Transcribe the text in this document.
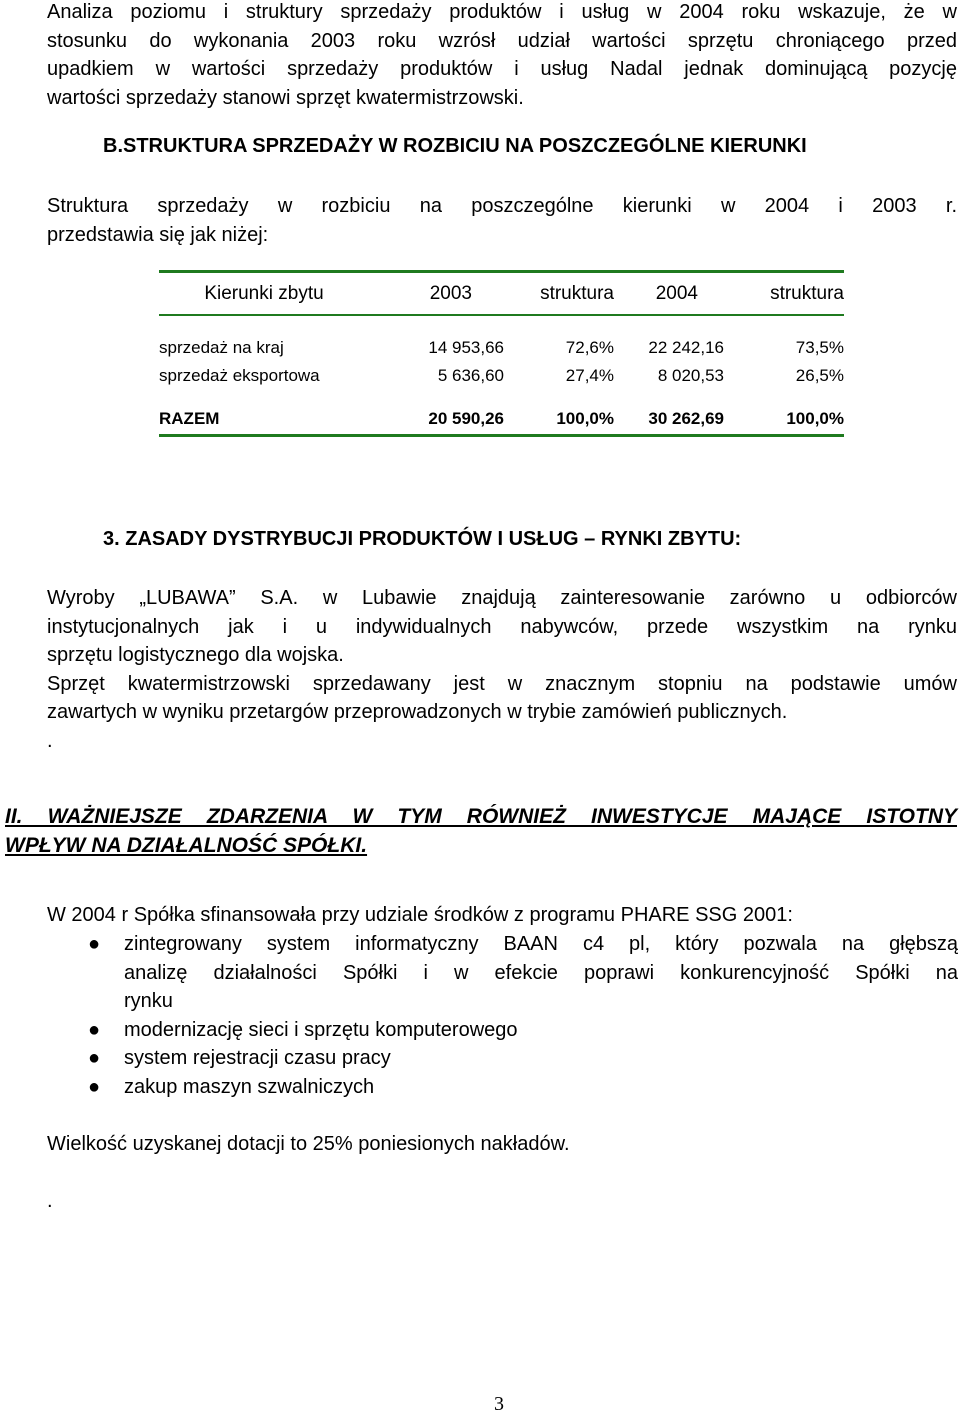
Analiza poziomu i struktury sprzedaży produktów i usług w 2004 roku wskazuje, że w
stosunku do wykonania 2003 roku wzrósł udział wartości sprzętu chroniącego przed
upadkiem w wartości sprzedaży produktów i usług Nadal jednak dominującą pozycję
wartości sprzedaży stanowi sprzęt kwatermistrzowski.
B.STRUKTURA SPRZEDAŻY W ROZBICIU NA POSZCZEGÓLNE KIERUNKI
Struktura sprzedaży w rozbiciu na poszczególne kierunki w 2004 i 2003 r.
przedstawia się jak niżej:
Kierunki zbytu	2003	struktura	2004	struktura

sprzedaż na kraj	14 953,66	72,6%	22 242,16	73,5%
sprzedaż eksportowa	5 636,60	27,4%	8 020,53	26,5%

RAZEM	20 590,26	100,0%	30 262,69	100,0%
3. ZASADY DYSTRYBUCJI PRODUKTÓW I USŁUG – RYNKI ZBYTU:
Wyroby „LUBAWA” S.A. w Lubawie znajdują zainteresowanie zarówno u odbiorców
instytucjonalnych jak i u indywidualnych nabywców, przede wszystkim na rynku
sprzętu logistycznego dla wojska.
Sprzęt kwatermistrzowski sprzedawany jest w znacznym stopniu na podstawie umów
zawartych w wyniku przetargów przeprowadzonych w trybie zamówień publicznych.
.
II. WAŻNIEJSZE ZDARZENIA W TYM RÓWNIEŻ INWESTYCJE MAJĄCE ISTOTNY
WPŁYW NA DZIAŁALNOŚĆ SPÓŁKI.
W 2004 r Spółka sfinansowała przy udziale środków z programu PHARE SSG 2001:
● zintegrowany system informatyczny BAAN c4 pl, który pozwala na głębszą
analizę działalności Spółki i w efekcie poprawi konkurencyjność Spółki na
rynku
● modernizację sieci i sprzętu komputerowego
● system rejestracji czasu pracy
● zakup maszyn szwalniczych
Wielkość uzyskanej dotacji to 25% poniesionych nakładów.
.
3
